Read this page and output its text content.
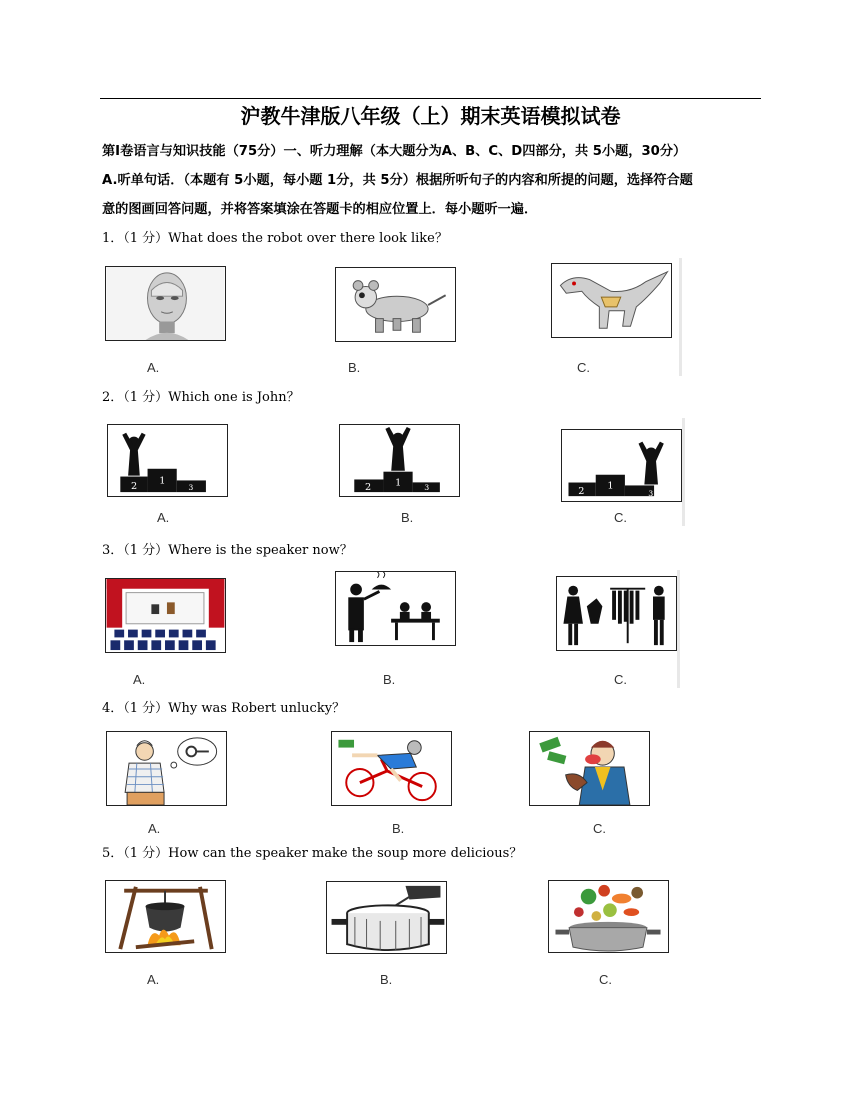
沪教牛津版八年级（上）期末英语模拟试卷

第Ⅰ卷语言与知识技能（75分）一、听力理解（本大题分为A、B、C、D四部分，共 5小题，30分）

A.听单句话．（本题有 5小题，每小题 1分，共 5分）根据所听句子的内容和所提的问题，选择符合题

意的图画回答问题，并将答案填涂在答题卡的相应位置上．每小题听一遍．

1．（1 分）What does the robot over there look like？
A.	B.	C.
2．（1 分）Which one is John？
2
1
3	2 1	3	2
1
3
A.	B.	C.
3．（1 分）Where is the speaker now？
A.	B.	C.
4．（1 分）Why was Robert unlucky？
A.	B.	C.
5．（1 分）How can the speaker make the soup more delicious？
A.	B.	C.
